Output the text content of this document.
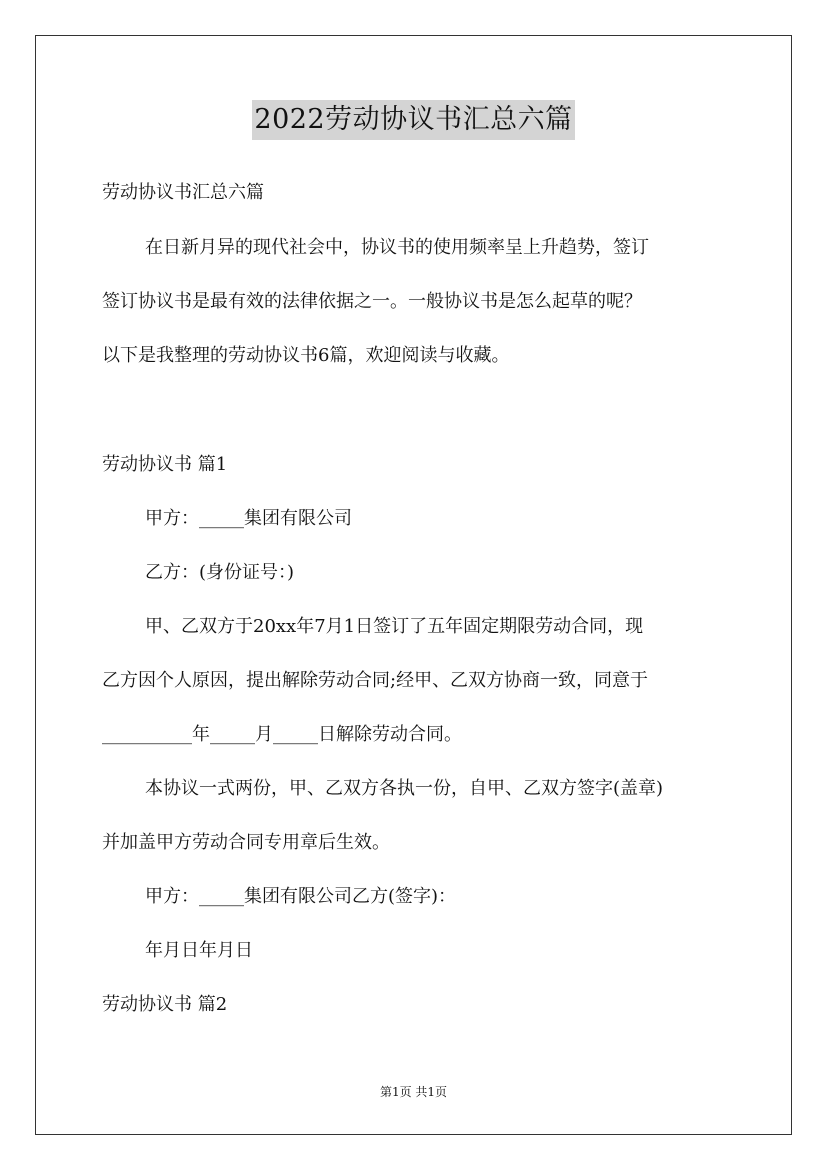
2022劳动协议书汇总六篇
劳动协议书汇总六篇
在日新月异的现代社会中，协议书的使用频率呈上升趋势，签订
签订协议书是最有效的法律依据之一。一般协议书是怎么起草的呢？
以下是我整理的劳动协议书6篇，欢迎阅读与收藏。
劳动协议书 篇1
甲方：_____集团有限公司
乙方：(身份证号：)
甲、乙双方于20xx年7月1日签订了五年固定期限劳动合同，现
乙方因个人原因，提出解除劳动合同;经甲、乙双方协商一致，同意于
__________年_____月_____日解除劳动合同。
本协议一式两份，甲、乙双方各执一份，自甲、乙双方签字(盖章)
并加盖甲方劳动合同专用章后生效。
甲方：_____集团有限公司乙方(签字)：
年月日年月日
劳动协议书 篇2
第1页 共1页
